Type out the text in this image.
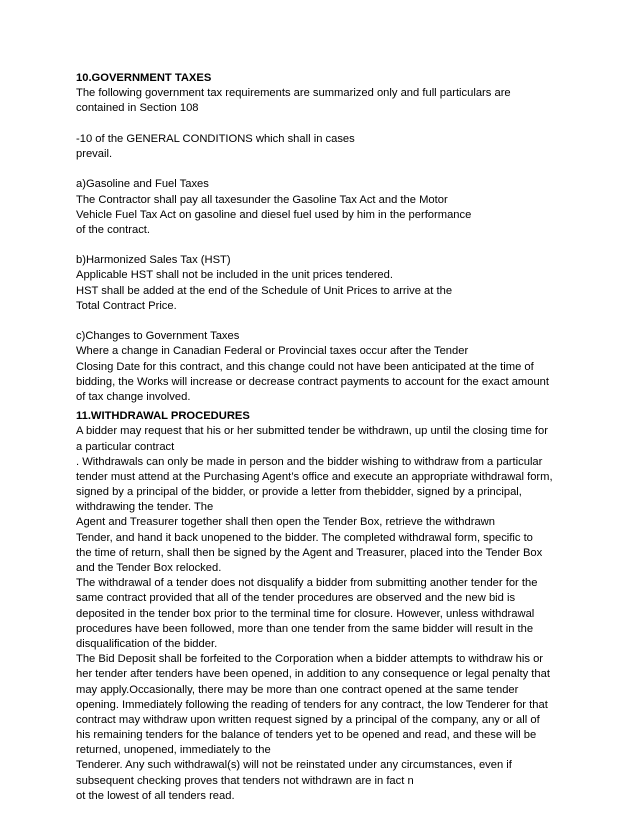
10.GOVERNMENT TAXES
The following government tax requirements are summarized only and full particulars are
contained in Section 108
-10 of the GENERAL CONDITIONS which shall in cases
prevail.
a)Gasoline and Fuel Taxes
The Contractor shall pay all taxesunder the Gasoline Tax Act and the Motor
Vehicle Fuel Tax Act on gasoline and diesel fuel used by him in the performance
of the contract.
b)Harmonized Sales Tax (HST)
Applicable HST shall not be included in the unit prices tendered.
HST shall be added at the end of the Schedule of Unit Prices to arrive at the
Total Contract Price.
c)Changes to Government Taxes
Where a change in Canadian Federal or Provincial taxes occur after the Tender
Closing Date for this contract, and this change could not have been anticipated at the time of
bidding, the Works will increase or decrease contract payments to account for the exact amount
of tax change involved.
11.WITHDRAWAL PROCEDURES
A bidder may request that his or her submitted tender be withdrawn, up until the closing time for
a particular contract
. Withdrawals can only be made in person and the bidder wishing to withdraw from a particular
tender must attend at the Purchasing Agent’s office and execute an appropriate withdrawal form,
signed by a principal of the bidder, or provide a letter from thebidder, signed by a principal,
withdrawing the tender. The
Agent and Treasurer together shall then open the Tender Box, retrieve the withdrawn
Tender, and hand it back unopened to the bidder. The completed withdrawal form, specific to
the time of return, shall then be signed by the Agent and Treasurer, placed into the Tender Box
and the Tender Box relocked.
The withdrawal of a tender does not disqualify a bidder from submitting another tender for the
same contract provided that all of the tender procedures are observed and the new bid is
deposited in the tender box prior to the terminal time for closure. However, unless withdrawal
procedures have been followed, more than one tender from the same bidder will result in the
disqualification of the bidder.
The Bid Deposit shall be forfeited to the Corporation when a bidder attempts to withdraw his or
her tender after tenders have been opened, in addition to any consequence or legal penalty that
may apply.Occasionally, there may be more than one contract opened at the same tender
opening. Immediately following the reading of tenders for any contract, the low Tenderer for that
contract may withdraw upon written request signed by a principal of the company, any or all of
his remaining tenders for the balance of tenders yet to be opened and read, and these will be
returned, unopened, immediately to the
Tenderer. Any such withdrawal(s) will not be reinstated under any circumstances, even if
subsequent checking proves that tenders not withdrawn are in fact n
ot the lowest of all tenders read.
